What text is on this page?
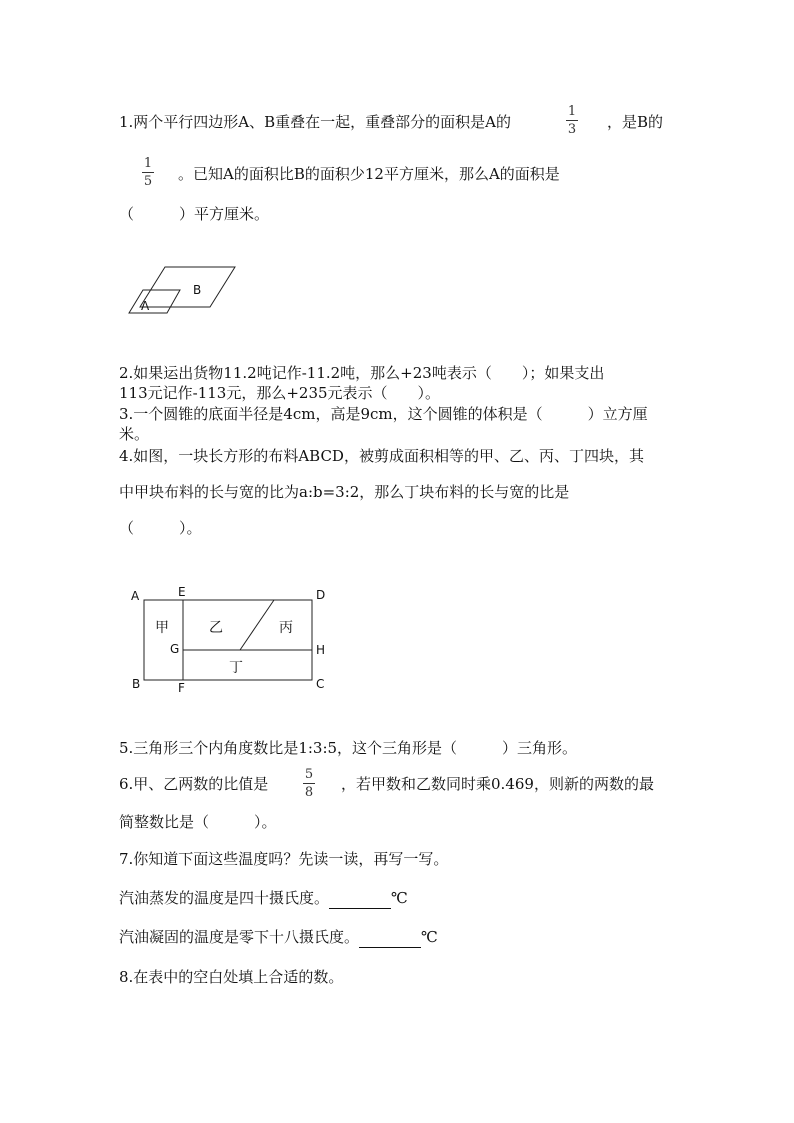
1.两个平行四边形A、B重叠在一起，重叠部分的面积是A的
1
3 ，是B的
1
5 。已知A的面积比B的面积少12平方厘米，那么A的面积是
（　　　）平方厘米。
B
A
2.如果运出货物11.2吨记作-11.2吨，那么+23吨表示（　　）；如果支出
113元记作-113元，那么+235元表示（　　）。
3.一个圆锥的底面半径是4cm，高是9cm，这个圆锥的体积是（　　　）立方厘
米。
4.如图，一块长方形的布料ABCD，被剪成面积相等的甲、乙、丙、丁四块，其
中甲块布料的长与宽的比为a:b=3:2，那么丁块布料的长与宽的比是
（　　　）。
A	E	D
G	H
B	F	C
甲	乙	丙
丁
5.三角形三个内角度数比是1:3:5，这个三角形是（　　　）三角形。
6.甲、乙两数的比值是
5
8 ，若甲数和乙数同时乘0.469，则新的两数的最
简整数比是（　　　）。
7.你知道下面这些温度吗？先读一读，再写一写。
汽油蒸发的温度是四十摄氏度。	℃
汽油凝固的温度是零下十八摄氏度。	℃
8.在表中的空白处填上合适的数。
